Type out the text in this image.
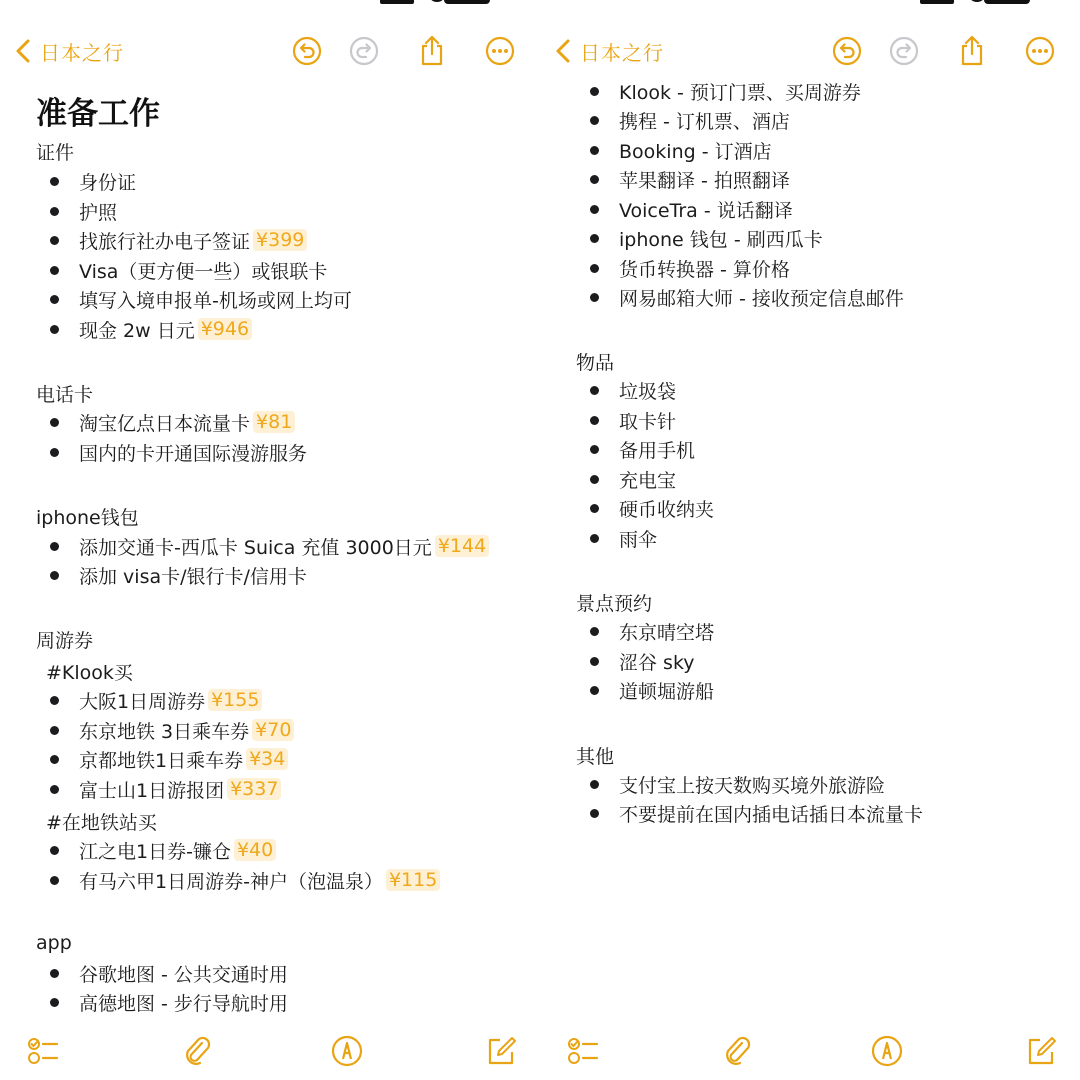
日本之行
准备工作
证件
身份证
护照
找旅行社办电子签证 ¥399
Visa（更方便一些）或银联卡
填写入境申报单-机场或网上均可
现金 2w 日元 ¥946
电话卡
淘宝亿点日本流量卡 ¥81
国内的卡开通国际漫游服务
iphone钱包
添加交通卡-西瓜卡 Suica 充值 3000日元 ¥144
添加 visa卡/银行卡/信用卡
周游券
#Klook买
大阪1日周游券 ¥155
东京地铁 3日乘车券 ¥70
京都地铁1日乘车券 ¥34
富士山1日游报团 ¥337
#在地铁站买
江之电1日券-镰仓 ¥40
有马六甲1日周游券-神户（泡温泉） ¥115
app
谷歌地图 - 公共交通时用
高德地图 - 步行导航时用
日本之行
Klook - 预订门票、买周游券
携程 - 订机票、酒店
Booking - 订酒店
苹果翻译 - 拍照翻译
VoiceTra - 说话翻译
iphone 钱包 - 刷西瓜卡
货币转换器 - 算价格
网易邮箱大师 - 接收预定信息邮件
物品
垃圾袋
取卡针
备用手机
充电宝
硬币收纳夹
雨伞
景点预约
东京晴空塔
涩谷 sky
道顿堀游船
其他
支付宝上按天数购买境外旅游险
不要提前在国内插电话插日本流量卡
